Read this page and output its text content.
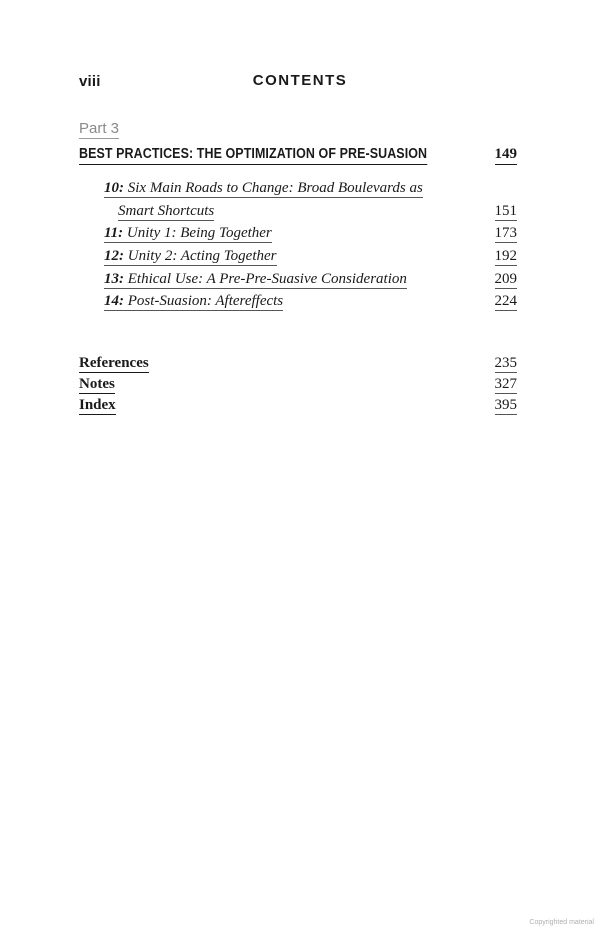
viii	CONTENTS
Part 3
BEST PRACTICES: THE OPTIMIZATION OF PRE-SUASION	149
10: Six Main Roads to Change: Broad Boulevards as
Smart Shortcuts	151
11: Unity 1: Being Together	173
12: Unity 2: Acting Together	192
13: Ethical Use: A Pre-Pre-Suasive Consideration	209
14: Post-Suasion: Aftereffects	224
References	235
Notes	327
Index	395
Copyrighted material
